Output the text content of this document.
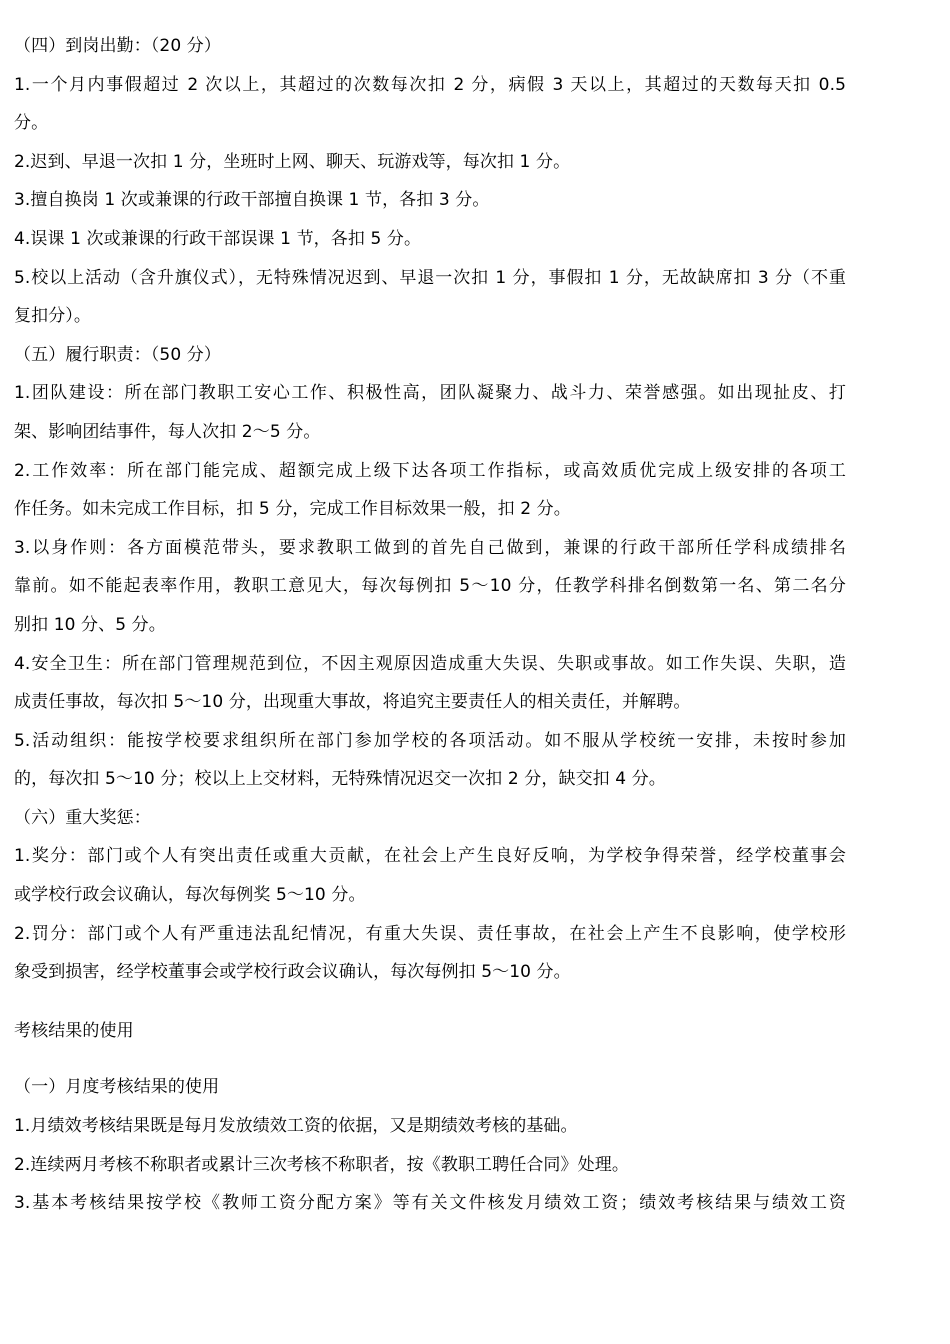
（四）到岗出勤：（20 分）
1.一个月内事假超过 2 次以上，其超过的次数每次扣 2 分，病假 3 天以上，其超过的天数每天扣 0.5
分。
2.迟到、早退一次扣 1 分，坐班时上网、聊天、玩游戏等，每次扣 1 分。
3.擅自换岗 1 次或兼课的行政干部擅自换课 1 节，各扣 3 分。
4.误课 1 次或兼课的行政干部误课 1 节，各扣 5 分。
5.校以上活动（含升旗仪式），无特殊情况迟到、早退一次扣 1 分，事假扣 1 分，无故缺席扣 3 分（不重
复扣分）。
（五）履行职责：（50 分）
1.团队建设：所在部门教职工安心工作、积极性高，团队凝聚力、战斗力、荣誉感强。如出现扯皮、打
架、影响团结事件，每人次扣 2～5 分。
2.工作效率：所在部门能完成、超额完成上级下达各项工作指标，或高效质优完成上级安排的各项工
作任务。如未完成工作目标，扣 5 分，完成工作目标效果一般，扣 2 分。
3.以身作则：各方面模范带头，要求教职工做到的首先自己做到，兼课的行政干部所任学科成绩排名
靠前。如不能起表率作用，教职工意见大，每次每例扣 5～10 分，任教学科排名倒数第一名、第二名分
别扣 10 分、5 分。
4.安全卫生：所在部门管理规范到位，不因主观原因造成重大失误、失职或事故。如工作失误、失职，造
成责任事故，每次扣 5～10 分，出现重大事故，将追究主要责任人的相关责任，并解聘。
5.活动组织：能按学校要求组织所在部门参加学校的各项活动。如不服从学校统一安排，未按时参加
的，每次扣 5～10 分；校以上上交材料，无特殊情况迟交一次扣 2 分，缺交扣 4 分。
（六）重大奖惩：
1.奖分：部门或个人有突出责任或重大贡献，在社会上产生良好反响，为学校争得荣誉，经学校董事会
或学校行政会议确认，每次每例奖 5～10 分。
2.罚分：部门或个人有严重违法乱纪情况，有重大失误、责任事故，在社会上产生不良影响，使学校形
象受到损害，经学校董事会或学校行政会议确认，每次每例扣 5～10 分。
考核结果的使用
（一）月度考核结果的使用
1.月绩效考核结果既是每月发放绩效工资的依据，又是期绩效考核的基础。
2.连续两月考核不称职者或累计三次考核不称职者，按《教职工聘任合同》处理。
3.基本考核结果按学校《教师工资分配方案》等有关文件核发月绩效工资；绩效考核结果与绩效工资
